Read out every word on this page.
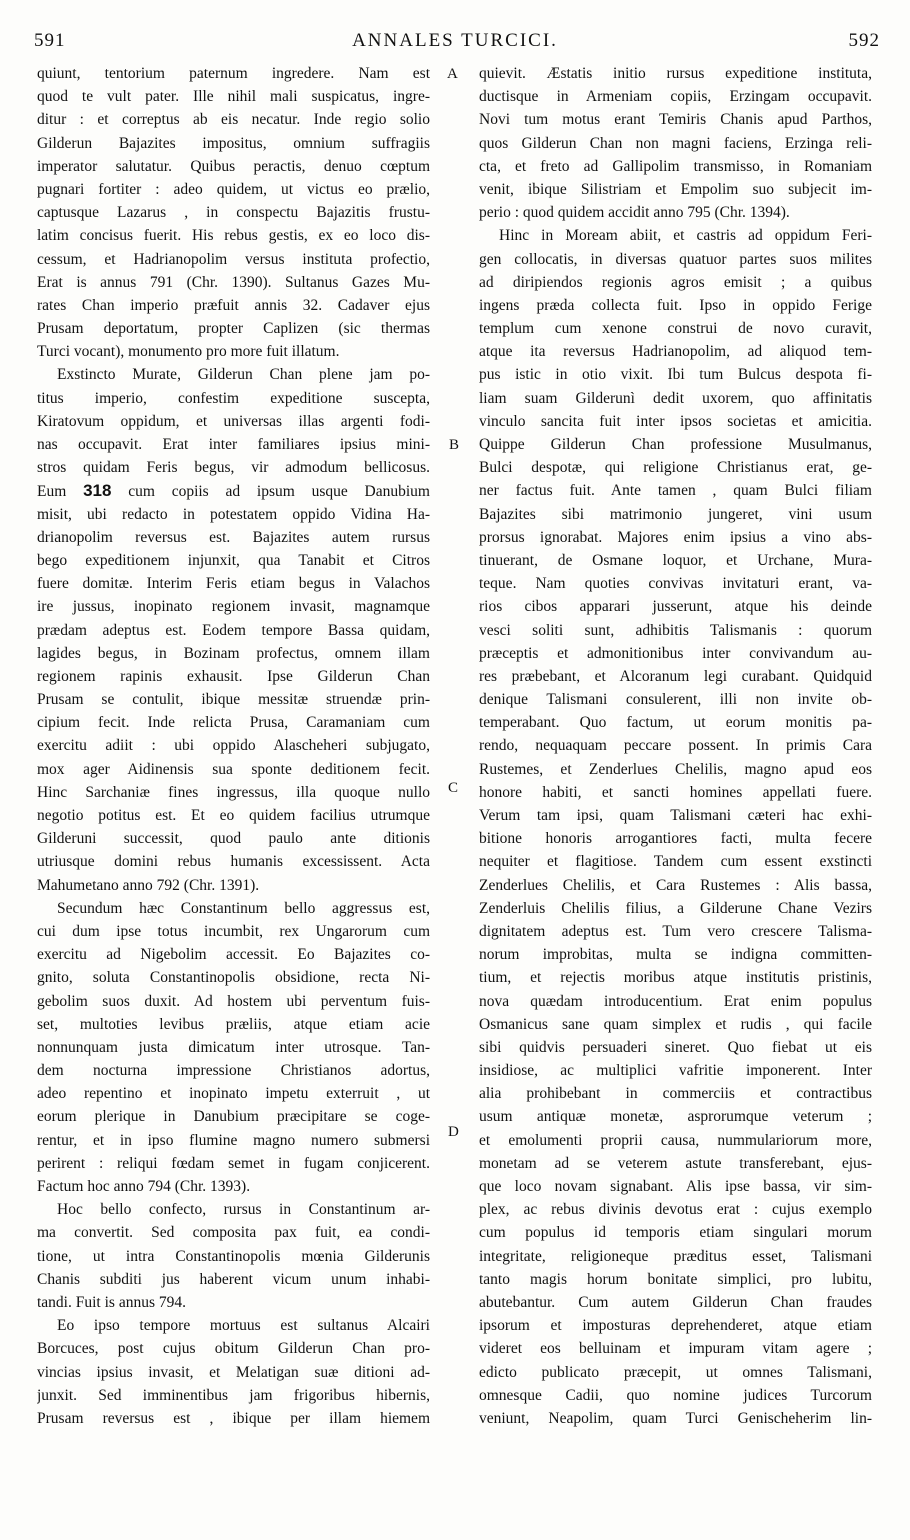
591	ANNALES TURCICI.	592
A
B
C
D

quiunt, tentorium paternum ingredere. Nam est

quod te vult pater. Ille nihil mali suspicatus, ingre-

ditur : et correptus ab eis necatur. Inde regio solio

Gilderun Bajazites impositus, omnium suffragiis

imperator salutatur. Quibus peractis, denuo cœptum

pugnari fortiter : adeo quidem, ut victus eo prælio,

captusque Lazarus , in conspectu Bajazitis frustu-

latim concisus fuerit. His rebus gestis, ex eo loco dis-

cessum, et Hadrianopolim versus instituta profectio,

Erat is annus 791 (Chr. 1390). Sultanus Gazes Mu-

rates Chan imperio præfuit annis 32. Cadaver ejus

Prusam deportatum, propter Caplizen (sic thermas

Turci vocant), monumento pro more fuit illatum.

Exstincto Murate, Gilderun Chan plene jam po-

titus imperio, confestim expeditione suscepta,

Kiratovum oppidum, et universas illas argenti fodi-

nas occupavit. Erat inter familiares ipsius mini-

stros quidam Feris begus, vir admodum bellicosus.

Eum 318 cum copiis ad ipsum usque Danubium

misit, ubi redacto in potestatem oppido Vidina Ha-

drianopolim reversus est. Bajazites autem rursus

bego expeditionem injunxit, qua Tanabit et Citros

fuere domitæ. Interim Feris etiam begus in Valachos

ire jussus, inopinato regionem invasit, magnamque

prædam adeptus est. Eodem tempore Bassa quidam,

lagides begus, in Bozinam profectus, omnem illam

regionem rapinis exhausit. Ipse Gilderun Chan

Prusam se contulit, ibique messitæ struendæ prin-

cipium fecit. Inde relicta Prusa, Caramaniam cum

exercitu adiit : ubi oppido Alascheheri subjugato,

mox ager Aidinensis sua sponte deditionem fecit.

Hinc Sarchaniæ fines ingressus, illa quoque nullo

negotio potitus est. Et eo quidem facilius utrumque

Gilderuni successit, quod paulo ante ditionis

utriusque domini rebus humanis excessissent. Acta

Mahumetano anno 792 (Chr. 1391).

Secundum hæc Constantinum bello aggressus est,

cui dum ipse totus incumbit, rex Ungarorum cum

exercitu ad Nigebolim accessit. Eo Bajazites co-

gnito, soluta Constantinopolis obsidione, recta Ni-

gebolim suos duxit. Ad hostem ubi perventum fuis-

set, multoties levibus præliis, atque etiam acie

nonnunquam justa dimicatum inter utrosque. Tan-

dem nocturna impressione Christianos adortus,

adeo repentino et inopinato impetu exterruit , ut

eorum plerique in Danubium præcipitare se coge-

rentur, et in ipso flumine magno numero submersi

perirent : reliqui fœdam semet in fugam conjicerent.

Factum hoc anno 794 (Chr. 1393).

Hoc bello confecto, rursus in Constantinum ar-

ma convertit. Sed composita pax fuit, ea condi-

tione, ut intra Constantinopolis mœnia Gilderunis

Chanis subditi jus haberent vicum unum inhabi-

tandi. Fuit is annus 794.

Eo ipso tempore mortuus est sultanus Alcairi

Borcuces, post cujus obitum Gilderun Chan pro-

vincias ipsius invasit, et Melatigan suæ ditioni ad-

junxit. Sed imminentibus jam frigoribus hibernis,

Prusam reversus est , ibique per illam hiemem

quievit. Æstatis initio rursus expeditione instituta,

ductisque in Armeniam copiis, Erzingam occupavit.

Novi tum motus erant Temiris Chanis apud Parthos,

quos Gilderun Chan non magni faciens, Erzinga reli-

cta, et freto ad Gallipolim transmisso, in Romaniam

venit, ibique Silistriam et Empolim suo subjecit im-

perio : quod quidem accidit anno 795 (Chr. 1394).

Hinc in Moream abiit, et castris ad oppidum Feri-

gen collocatis, in diversas quatuor partes suos milites

ad diripiendos regionis agros emisit ; a quibus

ingens præda collecta fuit. Ipso in oppido Ferige

templum cum xenone construi de novo curavit,

atque ita reversus Hadrianopolim, ad aliquod tem-

pus istic in otio vixit. Ibi tum Bulcus despota fi-

liam suam Gilderunì dedit uxorem, quo affinitatis

vinculo sancita fuit inter ipsos societas et amicitia.

Quippe Gilderun Chan professione Musulmanus,

Bulci despotæ, qui religione Christianus erat, ge-

ner factus fuit. Ante tamen , quam Bulci filiam

Bajazites sibi matrimonio jungeret, vini usum

prorsus ignorabat. Majores enim ipsius a vino abs-

tinuerant, de Osmane loquor, et Urchane, Mura-

teque. Nam quoties convivas invitaturi erant, va-

rios cibos apparari jusserunt, atque his deinde

vesci soliti sunt, adhibitis Talismanis : quorum

præceptis et admonitionibus inter convivandum au-

res præbebant, et Alcoranum legi curabant. Quidquid

denique Talismani consulerent, illi non invite ob-

temperabant. Quo factum, ut eorum monitis pa-

rendo, nequaquam peccare possent. In primis Cara

Rustemes, et Zenderlues Chelilis, magno apud eos

honore habiti, et sancti homines appellati fuere.

Verum tam ipsi, quam Talismani cæteri hac exhi-

bitione honoris arrogantiores facti, multa fecere

nequiter et flagitiose. Tandem cum essent exstincti

Zenderlues Chelilis, et Cara Rustemes : Alis bassa,

Zenderluis Chelilis filius, a Gilderune Chane Vezirs

dignitatem adeptus est. Tum vero crescere Talisma-

norum improbitas, multa se indigna committen-

tium, et rejectis moribus atque institutis pristinis,

nova quædam introducentium. Erat enim populus

Osmanicus sane quam simplex et rudis , qui facile

sibi quidvis persuaderi sineret. Quo fiebat ut eis

insidiose, ac multiplici vafritie imponerent. Inter

alia prohibebant in commerciis et contractibus

usum antiquæ monetæ, asprorumque veterum ;

et emolumenti proprii causa, nummulariorum more,

monetam ad se veterem astute transferebant, ejus-

que loco novam signabant. Alis ipse bassa, vir sim-

plex, ac rebus divinis devotus erat : cujus exemplo

cum populus id temporis etiam singulari morum

integritate, religioneque præditus esset, Talismani

tanto magis horum bonitate simplici, pro lubitu,

abutebantur. Cum autem Gilderun Chan fraudes

ipsorum et imposturas deprehenderet, atque etiam

videret eos belluinam et impuram vitam agere ;

edicto publicato præcepit, ut omnes Talismani,

omnesque Cadii, quo nomine judices Turcorum

veniunt, Neapolim, quam Turci Genischeherim lin-
